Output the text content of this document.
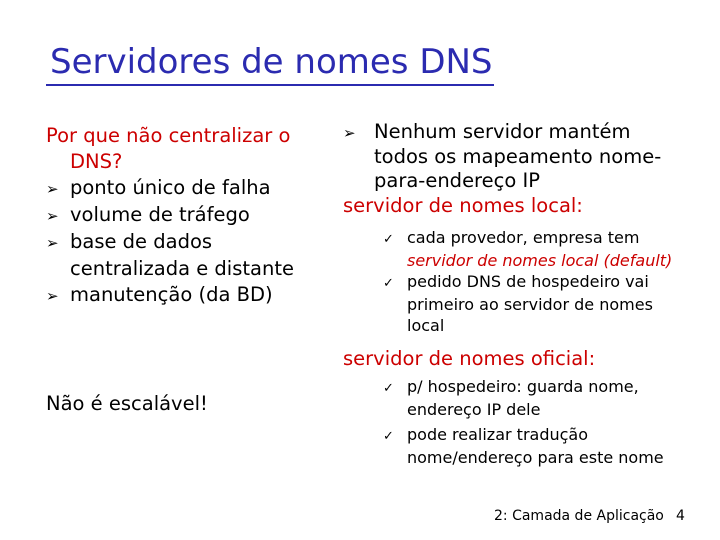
Servidores de nomes DNS
Por que não centralizar o
DNS?
➢ ponto único de falha
➢ volume de tráfego
➢ base de dados
centralizada e distante
➢ manutenção (da BD)
Não é escalável!
➢ Nenhum servidor mantém
todos os mapeamento nome-
para-endereço IP
servidor de nomes local:
✓ cada provedor, empresa tem
servidor de nomes local (default)
✓ pedido DNS de hospedeiro vai
primeiro ao servidor de nomes
local
servidor de nomes oficial:
✓ p/ hospedeiro: guarda nome,
endereço IP dele
✓ pode realizar tradução
nome/endereço para este nome
2: Camada de Aplicação 4
